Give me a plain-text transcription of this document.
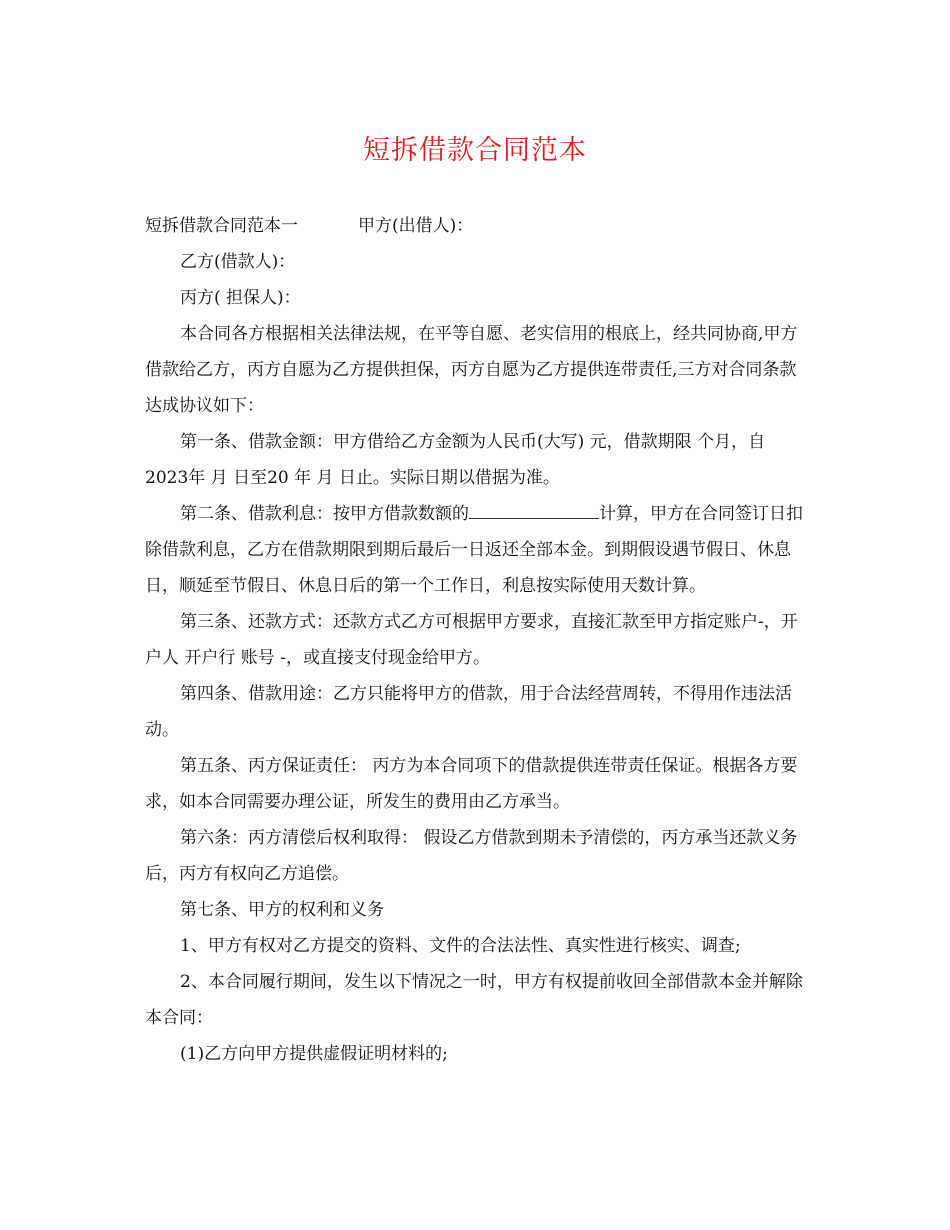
短拆借款合同范本

短拆借款合同范本一	甲方(出借人)：

乙方(借款人)：

丙方( 担保人)：

本合同各方根据相关法律法规，在平等自愿、老实信用的根底上，经共同协商,甲方借款给乙方，丙方自愿为乙方提供担保，丙方自愿为乙方提供连带责任,三方对合同条款达成协议如下：

第一条、借款金额：甲方借给乙方金额为人民币(大写) 元，借款期限 个月，自2023年 月 日至20 年 月 日止。实际日期以借据为准。

第二条、借款利息：按甲方借款数额的	计算，甲方在合同签订日扣除借款利息，乙方在借款期限到期后最后一日返还全部本金。到期假设遇节假日、休息日，顺延至节假日、休息日后的第一个工作日，利息按实际使用天数计算。

第三条、还款方式：还款方式乙方可根据甲方要求，直接汇款至甲方指定账户-，开户人 开户行 账号 -，或直接支付现金给甲方。

第四条、借款用途：乙方只能将甲方的借款，用于合法经营周转，不得用作违法活动。

第五条、丙方保证责任： 丙方为本合同项下的借款提供连带责任保证。根据各方要求，如本合同需要办理公证，所发生的费用由乙方承当。

第六条：丙方清偿后权利取得： 假设乙方借款到期未予清偿的，丙方承当还款义务后，丙方有权向乙方追偿。

第七条、甲方的权利和义务

1、甲方有权对乙方提交的资料、文件的合法法性、真实性进行核实、调查;

2、本合同履行期间，发生以下情况之一时，甲方有权提前收回全部借款本金并解除本合同：

(1)乙方向甲方提供虚假证明材料的;
